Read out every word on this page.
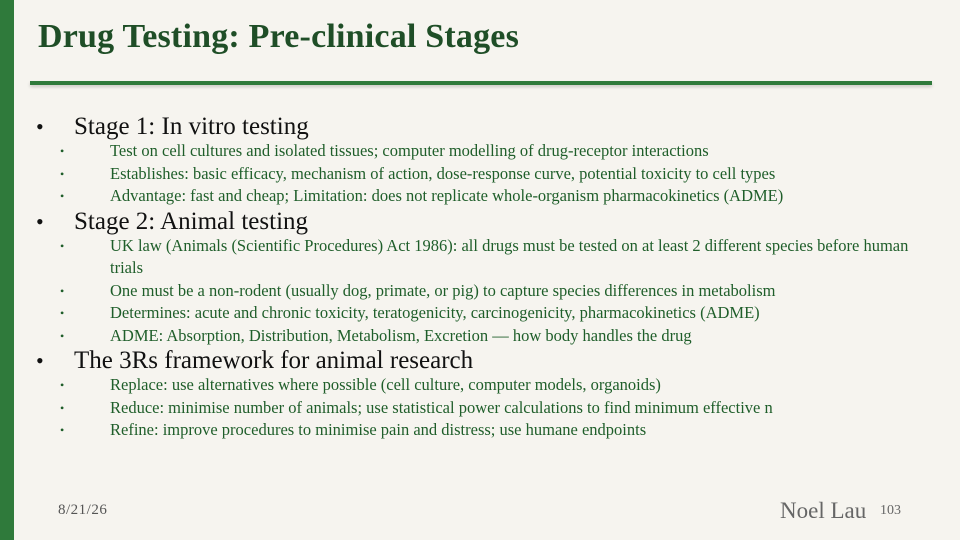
Drug Testing: Pre-clinical Stages
• Stage 1: In vitro testing
•	Test on cell cultures and isolated tissues; computer modelling of drug-receptor interactions
•	Establishes: basic efficacy, mechanism of action, dose-response curve, potential toxicity to cell types
•	Advantage: fast and cheap; Limitation: does not replicate whole-organism pharmacokinetics (ADME)
• Stage 2: Animal testing
•	UK law (Animals (Scientific Procedures) Act 1986): all drugs must be tested on at least 2 different species before human trials
•	One must be a non-rodent (usually dog, primate, or pig) to capture species differences in metabolism
•	Determines: acute and chronic toxicity, teratogenicity, carcinogenicity, pharmacokinetics (ADME)
•	ADME: Absorption, Distribution, Metabolism, Excretion — how body handles the drug
• The 3Rs framework for animal research
•	Replace: use alternatives where possible (cell culture, computer models, organoids)
•	Reduce: minimise number of animals; use statistical power calculations to find minimum effective n
•	Refine: improve procedures to minimise pain and distress; use humane endpoints
8/21/26	Noel Lau 103
